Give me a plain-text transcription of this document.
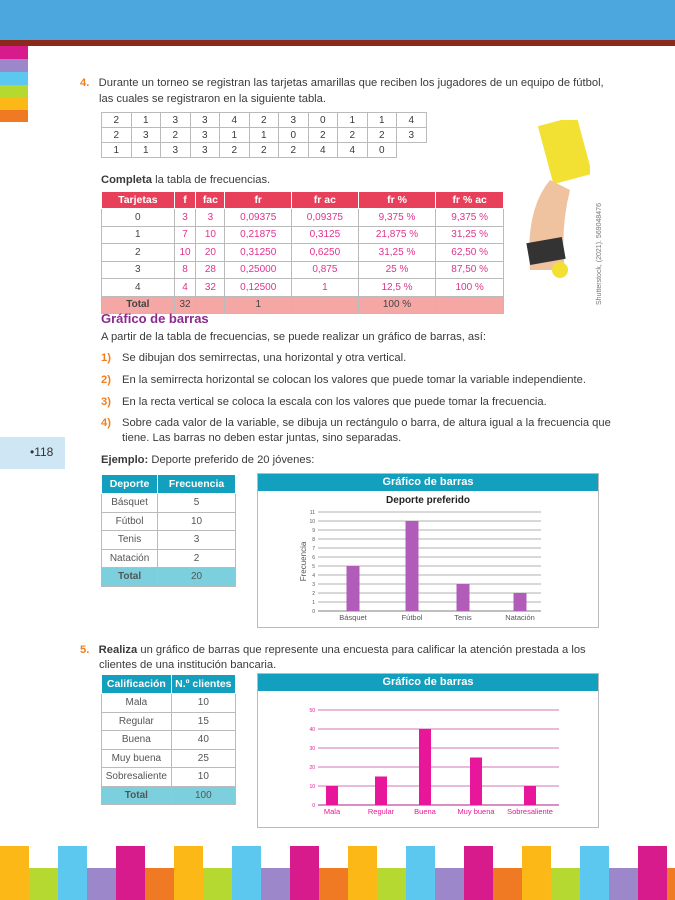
4. Durante un torneo se registran las tarjetas amarillas que reciben los jugadores de un equipo de fútbol,

las cuales se registraron en la siguiente tabla.

2	1	3	3	4	2	3	0	1	1	4
2	3	2	3	1	1	0	2	2	2	3
1	1	3	3	2	2	2	4	4	0	

Completa la tabla de frecuencias.

Tarjetas	f	fac	fr	fr ac	fr %	fr % ac
0	3	3	0,09375	0,09375	9,375 %	9,375 %
1	7	10	0,21875	0,3125	21,875 %	31,25 %
2	10	20	0,31250	0,6250	31,25 %	62,50 %
3	8	28	0,25000	0,875	25 %	87,50 %
4	4	32	0,12500	1	12,5 %	100 %
Total	32		1		100 %		Shutterstock, (2021). 569048476
Gráfico de barras

A partir de la tabla de frecuencias, se puede realizar un gráfico de barras, así:

1) Se dibujan dos semirrectas, una horizontal y otra vertical.

2) En la semirrecta horizontal se colocan los valores que puede tomar la variable independiente.

3) En la recta vertical se coloca la escala con los valores que puede tomar la frecuencia.

4) Sobre cada valor de la variable, se dibuja un rectángulo o barra, de altura igual a la frecuencia que
tiene. Las barras no deben estar juntas, sino separadas.

•118

Ejemplo: Deporte preferido de 20 jóvenes:

Deporte	Frecuencia
Básquet	5
Fútbol	10
Tenis	3
Natación	2
Total	20
Gráfico de barras
Deporte preferido
Frecuencia
0
1
2
3
4
5
6
7
8
9
10
11
Básquet	Fútbol	Tenis	Natación

5. Realiza un gráfico de barras que represente una encuesta para calificar la atención prestada a los

clientes de una institución bancaria.

Calificación	N.º clientes
Mala	10
Regular	15
Buena	40
Muy buena	25
Sobresaliente	10
Total	100
Gráfico de barras
0
10
20
30
40
50
Mala	Regular	Buena	Muy buena Sobresaliente
